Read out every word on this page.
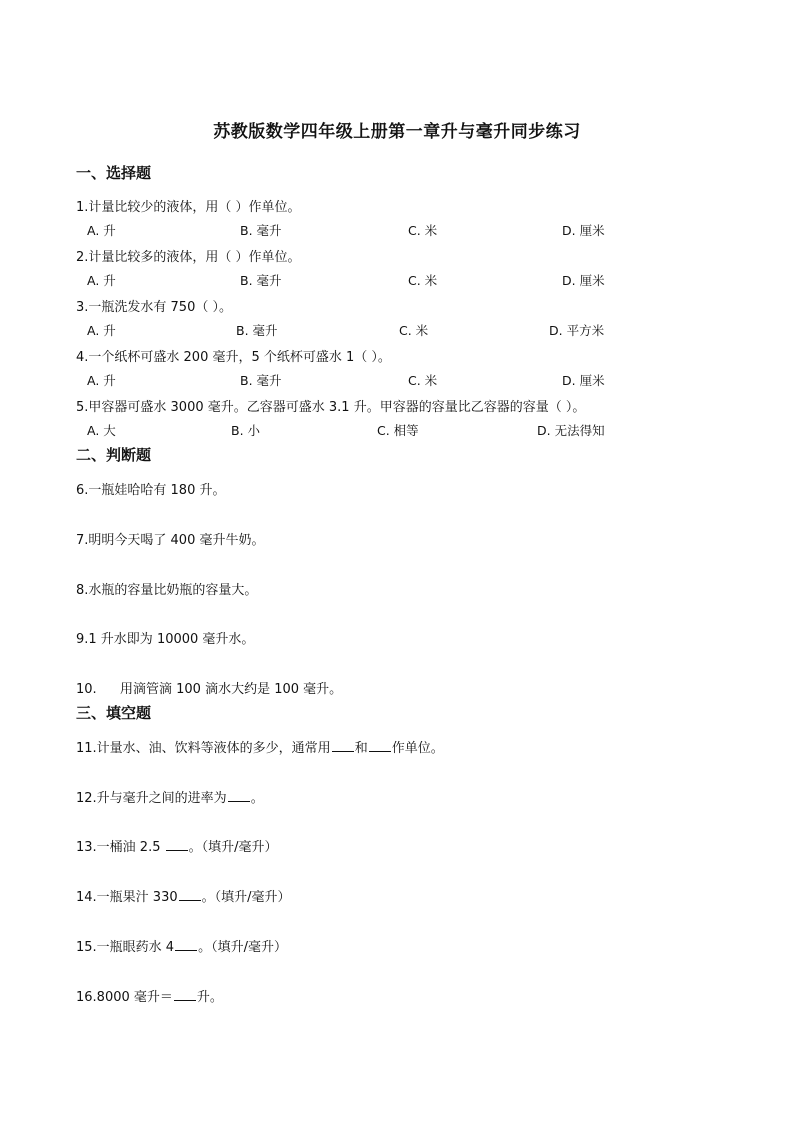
苏教版数学四年级上册第一章升与毫升同步练习
一、选择题
1.计量比较少的液体，用（ ）作单位。
A. 升	B. 毫升	C. 米	D. 厘米
2.计量比较多的液体，用（ ）作单位。
A. 升	B. 毫升	C. 米	D. 厘米
3.一瓶洗发水有 750（ ）。
A. 升	B. 毫升	C. 米	D. 平方米
4.一个纸杯可盛水 200 毫升，5 个纸杯可盛水 1（ ）。
A. 升	B. 毫升	C. 米	D. 厘米
5.甲容器可盛水 3000 毫升。乙容器可盛水 3.1 升。甲容器的容量比乙容器的容量（ ）。
A. 大	B. 小	C. 相等	D. 无法得知
二、判断题
6.一瓶娃哈哈有 180 升。
7.明明今天喝了 400 毫升牛奶。
8.水瓶的容量比奶瓶的容量大。
9.1 升水即为 10000 毫升水。
10. 用滴管滴 100 滴水大约是 100 毫升。
三、填空题
11.计量水、油、饮料等液体的多少，通常用 和 作单位。
12.升与毫升之间的进率为 。
13.一桶油 2.5 。（填升/毫升）
14.一瓶果汁 330 。（填升/毫升）
15.一瓶眼药水 4 。（填升/毫升）
16.8000 毫升＝ 升。
